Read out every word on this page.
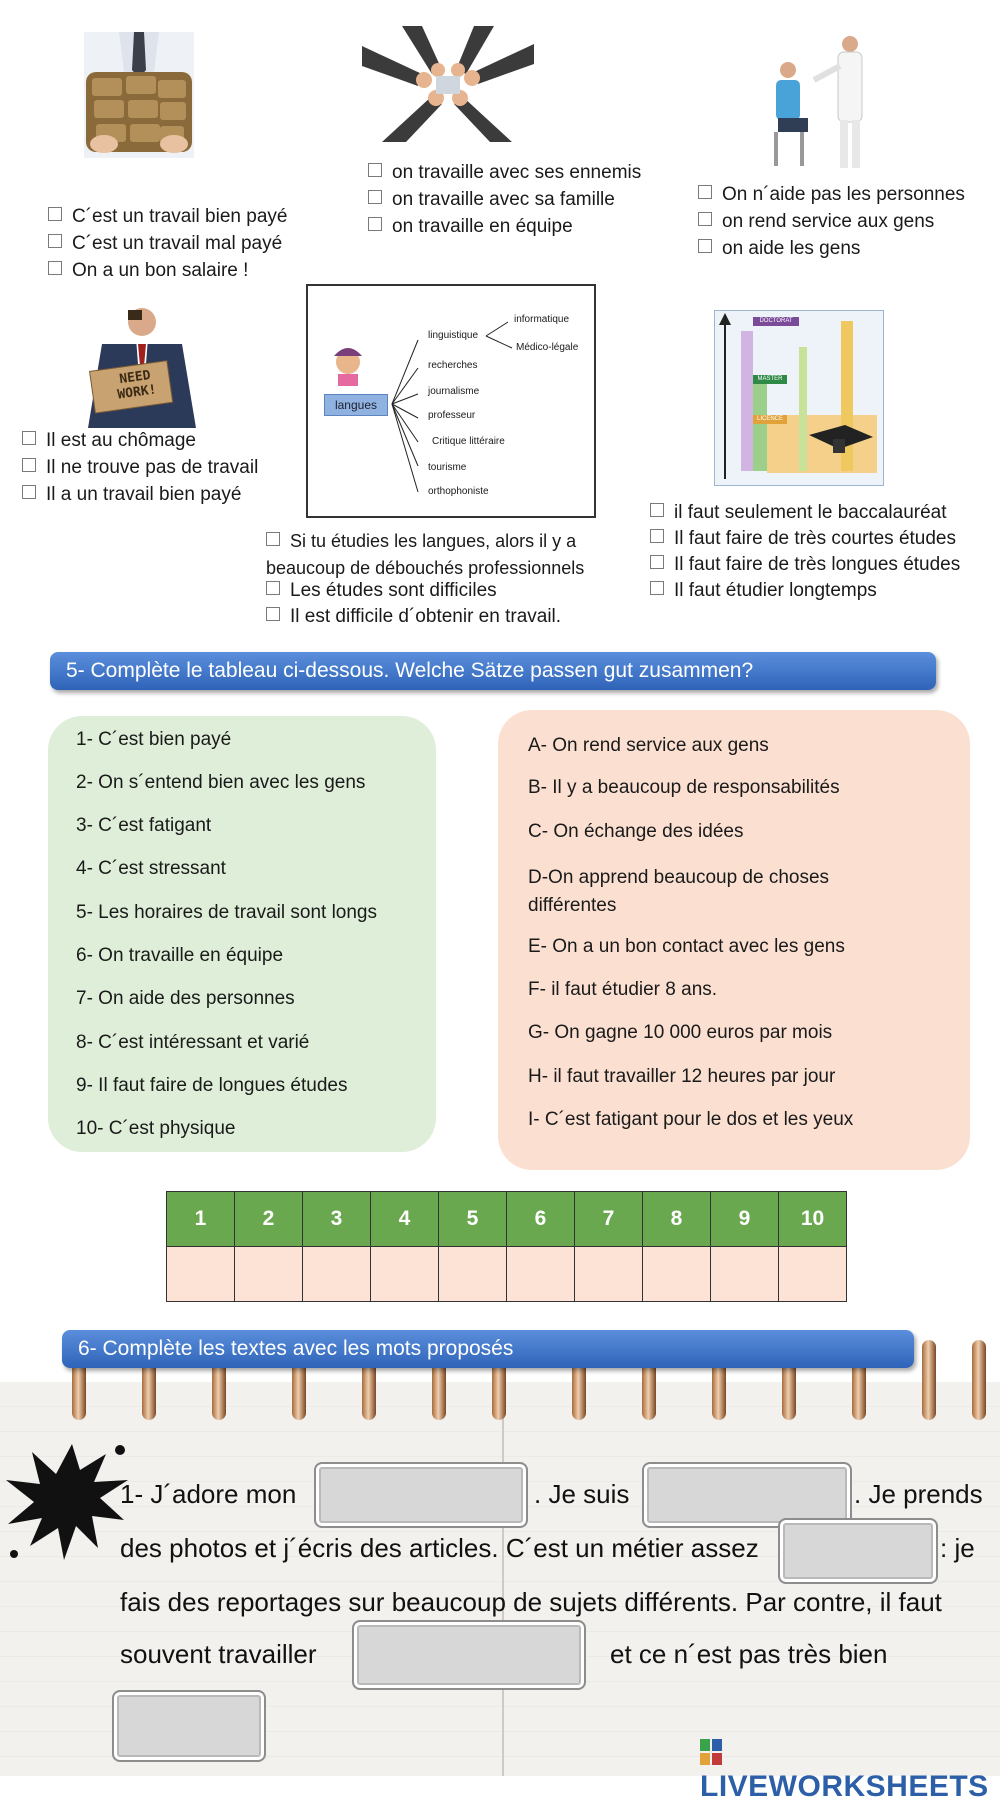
C´est un travail bien payé
C´est un travail mal payé
On a un bon salaire !
on travaille avec ses ennemis
on travaille avec sa famille
on travaille en équipe
On n´aide pas les personnes
on rend service aux gens
on aide les gens
NEED WORK!
Il est au chômage
Il ne trouve pas de travail
Il a un travail bien payé
langues
linguistique
informatique
Médico-légale
recherches
journalisme
professeur
Critique littéraire
tourisme
orthophoniste
Si tu étudies les langues, alors il y a beaucoup de débouchés professionnels
Les études sont difficiles
Il est difficile d´obtenir en travail.
DOCTORAT
MASTER
LICENCE
il faut seulement le baccalauréat
Il faut faire de très courtes études
Il faut faire de très longues études
Il faut étudier longtemps
5- Complète le tableau ci-dessous. Welche Sätze passen gut zusammen?
1- C´est bien payé
2- On s´entend bien avec les gens
3- C´est fatigant
4- C´est stressant
5- Les horaires de travail sont longs
6- On travaille en équipe
7- On aide des personnes
8- C´est intéressant et varié
9- Il faut faire de longues études
10- C´est physique
A- On rend service aux gens
B- Il y a beaucoup de responsabilités
C- On échange des idées
D-On apprend beaucoup de choses différentes
E- On a un bon contact avec les gens
F- il faut étudier 8 ans.
G- On gagne 10 000 euros par mois
H- il faut travailler 12 heures par jour
I- C´est fatigant pour le dos et les yeux
1	2	3	4	5	6	7	8	9	10

6- Complète les textes avec les mots proposés
1- J´adore mon	. Je suis	. Je prends
des photos et j´écris des articles. C´est un métier assez	: je
fais des reportages sur beaucoup de sujets différents. Par contre, il faut
souvent travailler	et ce n´est pas très bien
LIVEWORKSHEETS
